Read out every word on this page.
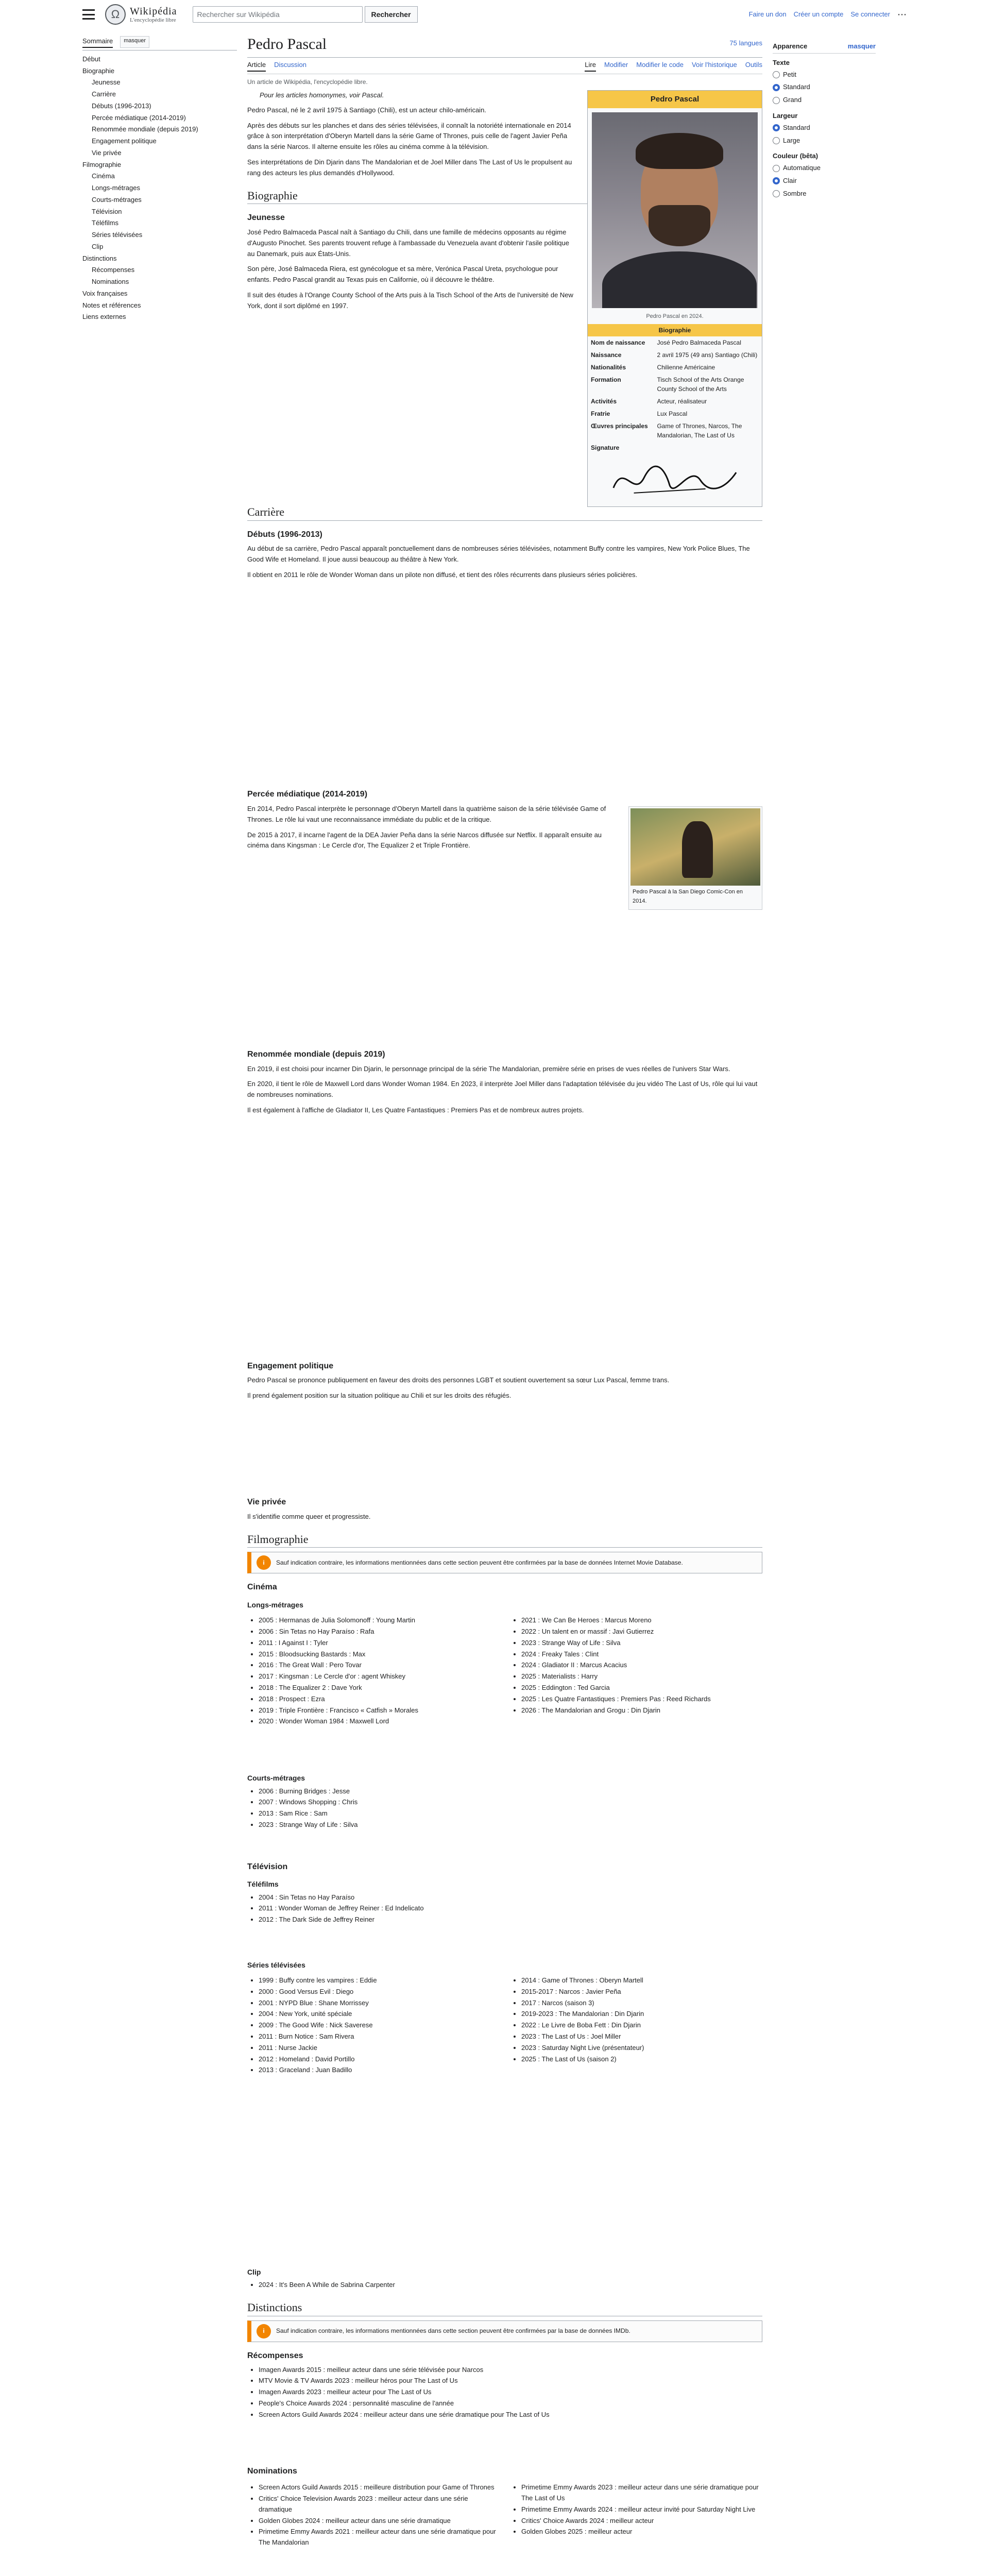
Ω Wikipédia
L'encyclopédie libre
Rechercher sur Wikipédia	Rechercher	Faire un don Créer un compte Se connecter ⋯
Sommaire	masquer
Début
Biographie
Jeunesse
Carrière
Débuts (1996-2013)
Percée médiatique (2014-2019)
Renommée mondiale (depuis 2019)
Engagement politique
Vie privée
Filmographie
Cinéma
Longs-métrages
Courts-métrages
Télévision
Téléfilms
Séries télévisées
Clip
Distinctions
Récompenses
Nominations
Voix françaises
Notes et références
Liens externes
Pedro Pascal	75 langues
Article Discussion	Lire Modifier Modifier le code Voir l'historique Outils
Un article de Wikipédia, l'encyclopédie libre.
Pedro Pascal
Pedro Pascal en 2024.
Biographie
Nom de naissance	José Pedro Balmaceda Pascal
Naissance	2 avril 1975 (49 ans) Santiago (Chili)
Nationalités	Chilienne Américaine
Formation	Tisch School of the Arts Orange County School of the Arts
Activités	Acteur, réalisateur
Fratrie	Lux Pascal
Œuvres principales	Game of Thrones, Narcos, The Mandalorian, The Last of Us
Signature	
Pour les articles homonymes, voir Pascal.

Pedro Pascal, né le 2 avril 1975 à Santiago (Chili), est un acteur chilo-américain.

Après des débuts sur les planches et dans des séries télévisées, il connaît la notoriété internationale en 2014 grâce à son interprétation d'Oberyn Martell dans la série Game of Thrones, puis celle de l'agent Javier Peña dans la série Narcos. Il alterne ensuite les rôles au cinéma comme à la télévision.

Ses interprétations de Din Djarin dans The Mandalorian et de Joel Miller dans The Last of Us le propulsent au rang des acteurs les plus demandés d'Hollywood.

Biographie
Jeunesse

José Pedro Balmaceda Pascal naît à Santiago du Chili, dans une famille de médecins opposants au régime d'Augusto Pinochet. Ses parents trouvent refuge à l'ambassade du Venezuela avant d'obtenir l'asile politique au Danemark, puis aux États-Unis.

Son père, José Balmaceda Riera, est gynécologue et sa mère, Verónica Pascal Ureta, psychologue pour enfants. Pedro Pascal grandit au Texas puis en Californie, où il découvre le théâtre.

Il suit des études à l'Orange County School of the Arts puis à la Tisch School of the Arts de l'université de New York, dont il sort diplômé en 1997.

Carrière
Débuts (1996-2013)

Au début de sa carrière, Pedro Pascal apparaît ponctuellement dans de nombreuses séries télévisées, notamment Buffy contre les vampires, New York Police Blues, The Good Wife et Homeland. Il joue aussi beaucoup au théâtre à New York.

Il obtient en 2011 le rôle de Wonder Woman dans un pilote non diffusé, et tient des rôles récurrents dans plusieurs séries policières.

Percée médiatique (2014-2019)
Pedro Pascal à la San Diego Comic-Con en 2014.

En 2014, Pedro Pascal interprète le personnage d'Oberyn Martell dans la quatrième saison de la série télévisée Game of Thrones. Le rôle lui vaut une reconnaissance immédiate du public et de la critique.

De 2015 à 2017, il incarne l'agent de la DEA Javier Peña dans la série Narcos diffusée sur Netflix. Il apparaît ensuite au cinéma dans Kingsman : Le Cercle d'or, The Equalizer 2 et Triple Frontière.

Renommée mondiale (depuis 2019)

En 2019, il est choisi pour incarner Din Djarin, le personnage principal de la série The Mandalorian, première série en prises de vues réelles de l'univers Star Wars.

En 2020, il tient le rôle de Maxwell Lord dans Wonder Woman 1984. En 2023, il interprète Joel Miller dans l'adaptation télévisée du jeu vidéo The Last of Us, rôle qui lui vaut de nombreuses nominations.

Il est également à l'affiche de Gladiator II, Les Quatre Fantastiques : Premiers Pas et de nombreux autres projets.

Engagement politique

Pedro Pascal se prononce publiquement en faveur des droits des personnes LGBT et soutient ouvertement sa sœur Lux Pascal, femme trans.

Il prend également position sur la situation politique au Chili et sur les droits des réfugiés.

Vie privée

Il s'identifie comme queer et progressiste.

Filmographie
i	Sauf indication contraire, les informations mentionnées dans cette section peuvent être confirmées par la base de données Internet Movie Database.
Cinéma
Longs-métrages
• 2005 : Hermanas de Julia Solomonoff : Young Martin
• 2006 : Sin Tetas no Hay Paraíso : Rafa
• 2011 : I Against I : Tyler
• 2015 : Bloodsucking Bastards : Max
• 2016 : The Great Wall : Pero Tovar
• 2017 : Kingsman : Le Cercle d'or : agent Whiskey
• 2018 : The Equalizer 2 : Dave York
• 2018 : Prospect : Ezra
• 2019 : Triple Frontière : Francisco « Catfish » Morales
• 2020 : Wonder Woman 1984 : Maxwell Lord
• 2021 : We Can Be Heroes : Marcus Moreno
• 2022 : Un talent en or massif : Javi Gutierrez
• 2023 : Strange Way of Life : Silva
• 2024 : Freaky Tales : Clint
• 2024 : Gladiator II : Marcus Acacius
• 2025 : Materialists : Harry
• 2025 : Eddington : Ted Garcia
• 2025 : Les Quatre Fantastiques : Premiers Pas : Reed Richards
• 2026 : The Mandalorian and Grogu : Din Djarin
Courts-métrages
• 2006 : Burning Bridges : Jesse
• 2007 : Windows Shopping : Chris
• 2013 : Sam Rice : Sam
• 2023 : Strange Way of Life : Silva
Télévision
Téléfilms
• 2004 : Sin Tetas no Hay Paraíso
• 2011 : Wonder Woman de Jeffrey Reiner : Ed Indelicato
• 2012 : The Dark Side de Jeffrey Reiner
Séries télévisées
• 1999 : Buffy contre les vampires : Eddie
• 2000 : Good Versus Evil : Diego
• 2001 : NYPD Blue : Shane Morrissey
• 2004 : New York, unité spéciale
• 2009 : The Good Wife : Nick Saverese
• 2011 : Burn Notice : Sam Rivera
• 2011 : Nurse Jackie
• 2012 : Homeland : David Portillo
• 2013 : Graceland : Juan Badillo
• 2014 : Game of Thrones : Oberyn Martell
• 2015-2017 : Narcos : Javier Peña
• 2017 : Narcos (saison 3)
• 2019-2023 : The Mandalorian : Din Djarin
• 2022 : Le Livre de Boba Fett : Din Djarin
• 2023 : The Last of Us : Joel Miller
• 2023 : Saturday Night Live (présentateur)
• 2025 : The Last of Us (saison 2)
Clip
• 2024 : It's Been A While de Sabrina Carpenter
Distinctions
i	Sauf indication contraire, les informations mentionnées dans cette section peuvent être confirmées par la base de données IMDb.
Récompenses
• Imagen Awards 2015 : meilleur acteur dans une série télévisée pour Narcos
• MTV Movie & TV Awards 2023 : meilleur héros pour The Last of Us
• Imagen Awards 2023 : meilleur acteur pour The Last of Us
• People's Choice Awards 2024 : personnalité masculine de l'année
• Screen Actors Guild Awards 2024 : meilleur acteur dans une série dramatique pour The Last of Us
Nominations
• Screen Actors Guild Awards 2015 : meilleure distribution pour Game of Thrones
• Critics' Choice Television Awards 2023 : meilleur acteur dans une série dramatique
• Golden Globes 2024 : meilleur acteur dans une série dramatique
• Primetime Emmy Awards 2021 : meilleur acteur dans une série dramatique pour The Mandalorian
• Primetime Emmy Awards 2023 : meilleur acteur dans une série dramatique pour The Last of Us
• Primetime Emmy Awards 2024 : meilleur acteur invité pour Saturday Night Live
• Critics' Choice Awards 2024 : meilleur acteur
• Golden Globes 2025 : meilleur acteur

Apparence	masquer
Texte
Petit
Standard
Grand
Largeur
Standard
Large
Couleur (bêta)
Automatique
Clair
Sombre
